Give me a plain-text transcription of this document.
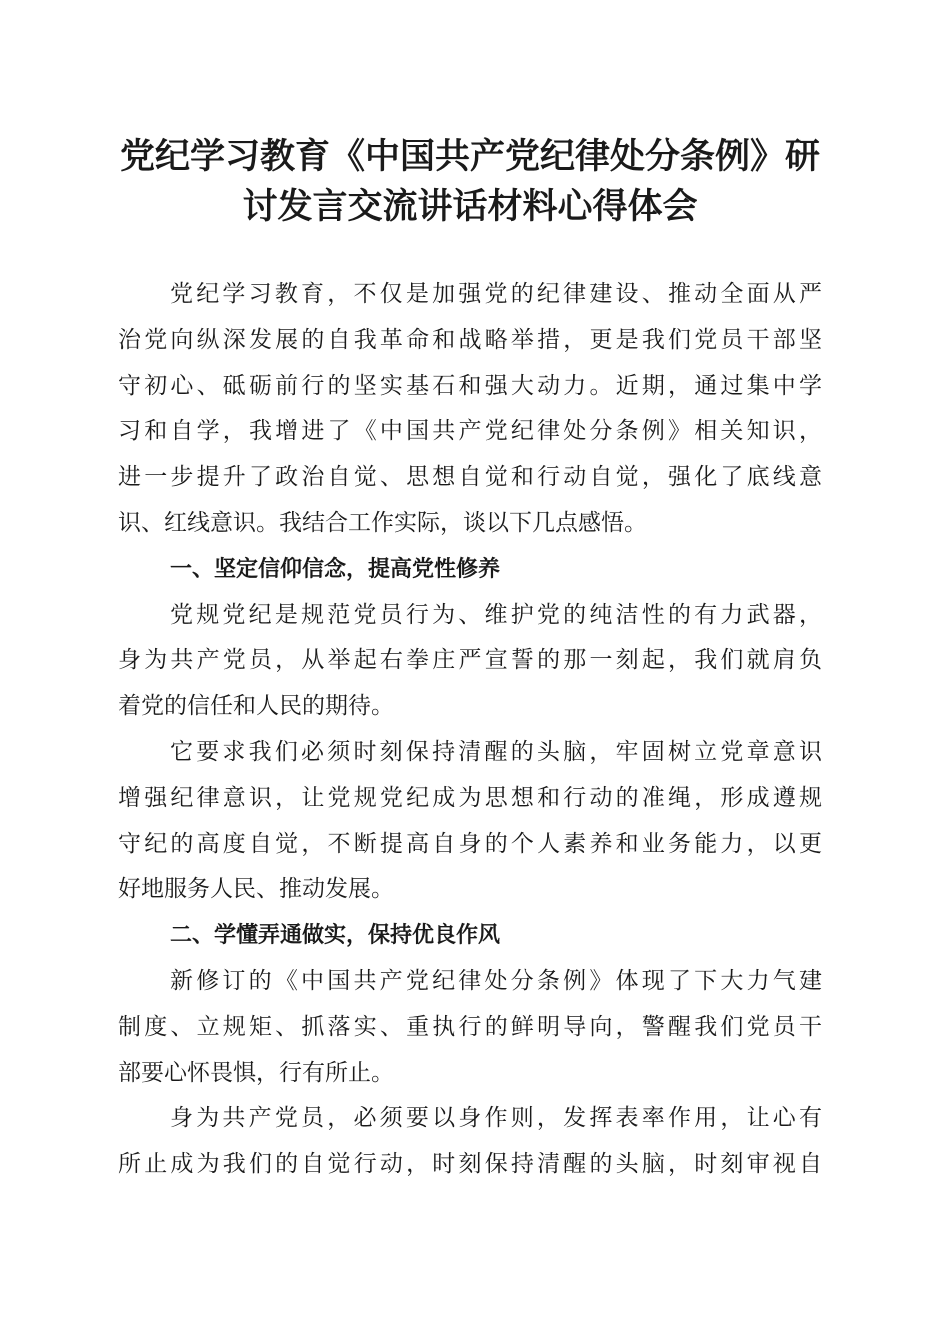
党纪学习教育《中国共产党纪律处分条例》研
讨发言交流讲话材料心得体会
党纪学习教育，不仅是加强党的纪律建设、推动全面从严
治党向纵深发展的自我革命和战略举措，更是我们党员干部坚
守初心、砥砺前行的坚实基石和强大动力。近期，通过集中学
习和自学，我增进了《中国共产党纪律处分条例》相关知识，
进一步提升了政治自觉、思想自觉和行动自觉，强化了底线意
识、红线意识。我结合工作实际，谈以下几点感悟。
一、坚定信仰信念，提高党性修养
党规党纪是规范党员行为、维护党的纯洁性的有力武器，
身为共产党员，从举起右拳庄严宣誓的那一刻起，我们就肩负
着党的信任和人民的期待。
它要求我们必须时刻保持清醒的头脑，牢固树立党章意识
增强纪律意识，让党规党纪成为思想和行动的准绳，形成遵规
守纪的高度自觉，不断提高自身的个人素养和业务能力，以更
好地服务人民、推动发展。
二、学懂弄通做实，保持优良作风
新修订的《中国共产党纪律处分条例》体现了下大力气建
制度、立规矩、抓落实、重执行的鲜明导向，警醒我们党员干
部要心怀畏惧，行有所止。
身为共产党员，必须要以身作则，发挥表率作用，让心有
所止成为我们的自觉行动，时刻保持清醒的头脑，时刻审视自
